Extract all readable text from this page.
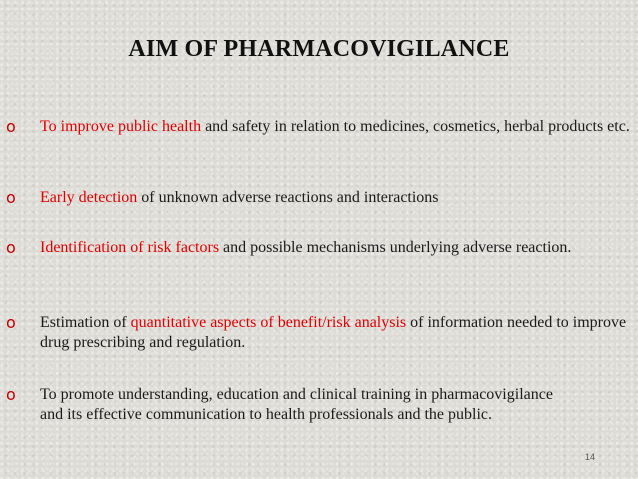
AIM OF PHARMACOVIGILANCE
o To improve public health and safety in relation to medicines, cosmetics, herbal products etc.
o Early detection of unknown adverse reactions and interactions
o Identification of risk factors and possible mechanisms underlying adverse reaction.
o Estimation of quantitative aspects of benefit/risk analysis of information needed to improve drug prescribing and regulation.
o To promote understanding, education and clinical training in pharmacovigilance and its effective communication to health professionals and the public.
14
